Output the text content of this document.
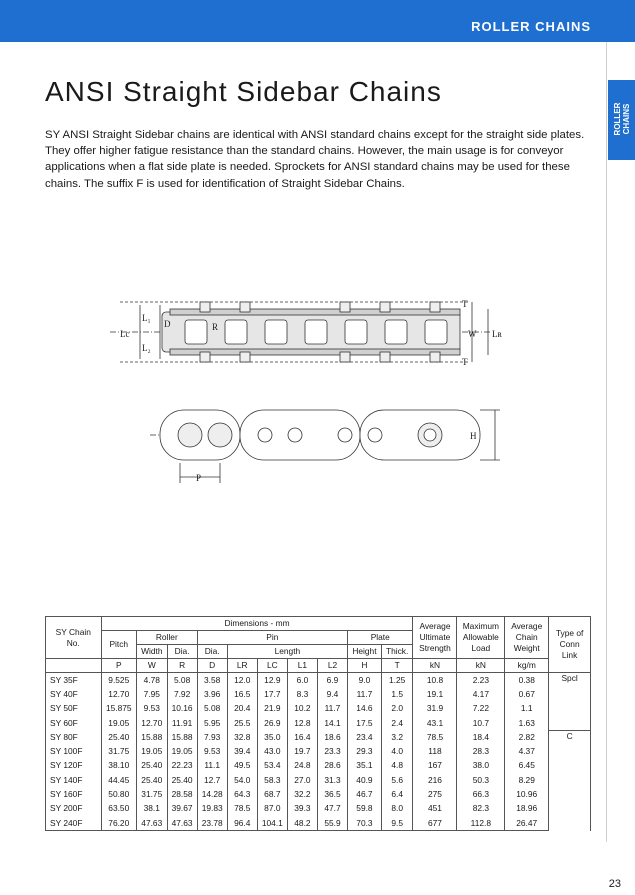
ROLLER CHAINS
ROLLER CHAINS
ANSI Straight Sidebar Chains

SY ANSI Straight Sidebar chains are identical with ANSI standard chains except for the straight side plates. They offer higher fatigue resistance than the standard chains. However, the main usage is for conveyor applications when a flat side plate is needed. Sprockets for ANSI standard chains may be used for these chains. The suffix F is used for identification of Straight Sidebar Chains.

Lc
L₁
L₂
D	R
T
T
W Lʀ
H
P
SY Chain No.	Dimensions - mm										Average Ultimate Strength	Maximum Allowable Load	Average Chain Weight	Type of Conn Link
	Pitch	Roller		Pin					Plate					
		Width	Dia.	Dia.	Length				Height	Thick.				
	P	W	R	D	LR	LC	L1	L2	H	T	kN	kN	kg/m	
SY 35F	9.525	4.78	5.08	3.58	12.0	12.9	6.0	6.9	9.0	1.25	10.8	2.23	0.38	Spcl
SY 40F	12.70	7.95	7.92	3.96	16.5	17.7	8.3	9.4	11.7	1.5	19.1	4.17	0.67	
SY 50F	15.875	9.53	10.16	5.08	20.4	21.9	10.2	11.7	14.6	2.0	31.9	7.22	1.1	
SY 60F	19.05	12.70	11.91	5.95	25.5	26.9	12.8	14.1	17.5	2.4	43.1	10.7	1.63	
SY 80F	25.40	15.88	15.88	7.93	32.8	35.0	16.4	18.6	23.4	3.2	78.5	18.4	2.82	C
SY 100F	31.75	19.05	19.05	9.53	39.4	43.0	19.7	23.3	29.3	4.0	118	28.3	4.37	
SY 120F	38.10	25.40	22.23	11.1	49.5	53.4	24.8	28.6	35.1	4.8	167	38.0	6.45	
SY 140F	44.45	25.40	25.40	12.7	54.0	58.3	27.0	31.3	40.9	5.6	216	50.3	8.29	
SY 160F	50.80	31.75	28.58	14.28	64.3	68.7	32.2	36.5	46.7	6.4	275	66.3	10.96	
SY 200F	63.50	38.1	39.67	19.83	78.5	87.0	39.3	47.7	59.8	8.0	451	82.3	18.96	
SY 240F	76.20	47.63	47.63	23.78	96.4	104.1	48.2	55.9	70.3	9.5	677	112.8	26.47	
23
